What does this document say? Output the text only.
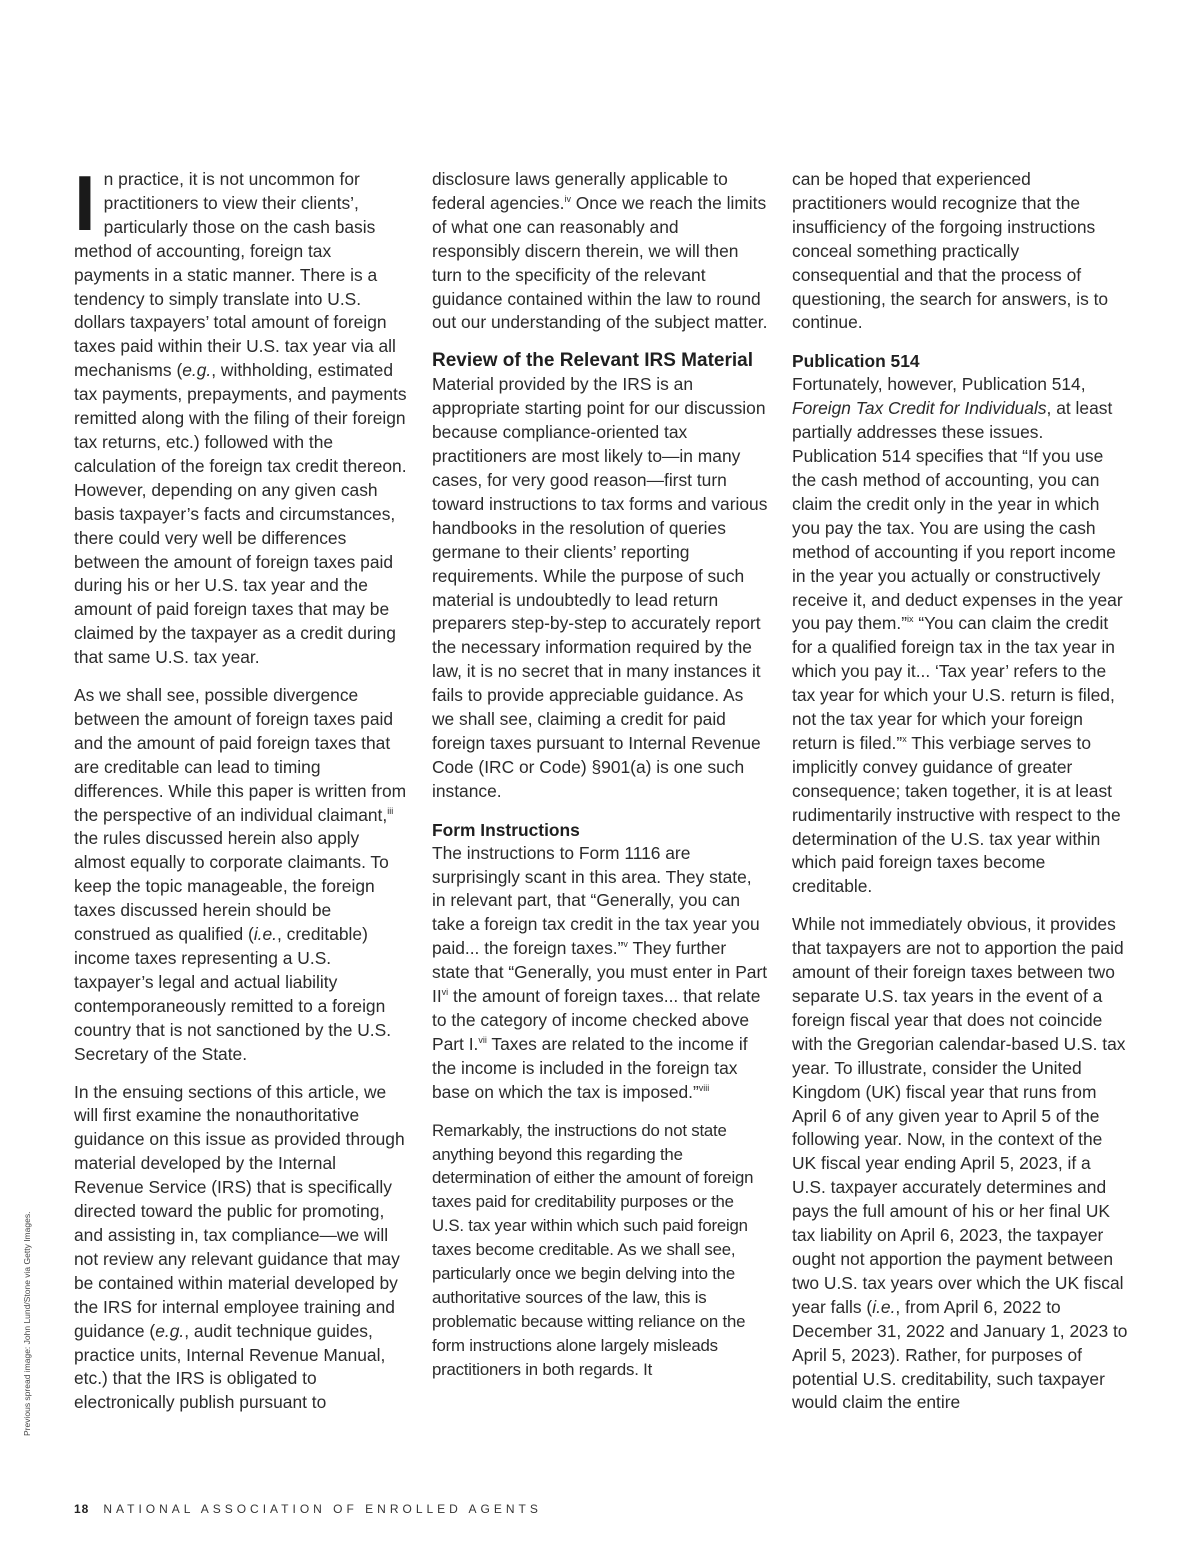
Previous spread image: John Lund/Stone via Getty Images.

In practice, it is not uncommon for practitioners to view their clients’, particularly those on the cash basis method of accounting, foreign tax payments in a static manner. There is a tendency to simply translate into U.S. dollars taxpayers’ total amount of foreign taxes paid within their U.S. tax year via all mechanisms (e.g., withholding, estimated tax payments, prepayments, and payments remitted along with the filing of their foreign tax returns, etc.) followed with the calculation of the foreign tax credit thereon. However, depending on any given cash basis taxpayer’s facts and circumstances, there could very well be differences between the amount of foreign taxes paid during his or her U.S. tax year and the amount of paid foreign taxes that may be claimed by the taxpayer as a credit during that same U.S. tax year.

As we shall see, possible divergence between the amount of foreign taxes paid and the amount of paid foreign taxes that are creditable can lead to timing differences. While this paper is written from the perspective of an individual claimant,$^{iii}$ the rules discussed herein also apply almost equally to corporate claimants. To keep the topic manageable, the foreign taxes discussed herein should be construed as qualified (i.e., creditable) income taxes representing a U.S. taxpayer’s legal and actual liability contemporaneously remitted to a foreign country that is not sanctioned by the U.S. Secretary of the State.

In the ensuing sections of this article, we will first examine the nonauthoritative guidance on this issue as provided through material developed by the Internal Revenue Service (IRS) that is specifically directed toward the public for promoting, and assisting in, tax compliance—we will not review any relevant guidance that may be contained within material developed by the IRS for internal employee training and guidance (e.g., audit technique guides, practice units, Internal Revenue Manual, etc.) that the IRS is obligated to electronically publish pursuant to

disclosure laws generally applicable to federal agencies.$^{iv}$ Once we reach the limits of what one can reasonably and responsibly discern therein, we will then turn to the specificity of the relevant guidance contained within the law to round out our understanding of the subject matter.

Review of the Relevant IRS Material

Material provided by the IRS is an appropriate starting point for our discussion because compliance-oriented tax practitioners are most likely to—in many cases, for very good reason—first turn toward instructions to tax forms and various handbooks in the resolution of queries germane to their clients’ reporting requirements. While the purpose of such material is undoubtedly to lead return preparers step-by-step to accurately report the necessary information required by the law, it is no secret that in many instances it fails to provide appreciable guidance. As we shall see, claiming a credit for paid foreign taxes pursuant to Internal Revenue Code (IRC or Code) §901(a) is one such instance.

Form Instructions

The instructions to Form 1116 are surprisingly scant in this area. They state, in relevant part, that “Generally, you can take a foreign tax credit in the tax year you paid... the foreign taxes.”$^v$ They further state that “Generally, you must enter in Part II$^{vi}$ the amount of foreign taxes... that relate to the category of income checked above Part I.$^{vii}$ Taxes are related to the income if the income is included in the foreign tax base on which the tax is imposed.”$^{viii}$

Remarkably, the instructions do not state anything beyond this regarding the determination of either the amount of foreign taxes paid for creditability purposes or the U.S. tax year within which such paid foreign taxes become creditable. As we shall see, particularly once we begin delving into the authoritative sources of the law, this is problematic because witting reliance on the form instructions alone largely misleads practitioners in both regards. It

can be hoped that experienced practitioners would recognize that the insufficiency of the forgoing instructions conceal something practically consequential and that the process of questioning, the search for answers, is to continue.

Publication 514

Fortunately, however, Publication 514, Foreign Tax Credit for Individuals, at least partially addresses these issues. Publication 514 specifies that “If you use the cash method of accounting, you can claim the credit only in the year in which you pay the tax. You are using the cash method of accounting if you report income in the year you actually or constructively receive it, and deduct expenses in the year you pay them.”$^{ix}$ “You can claim the credit for a qualified foreign tax in the tax year in which you pay it... ‘Tax year’ refers to the tax year for which your U.S. return is filed, not the tax year for which your foreign return is filed.”$^x$ This verbiage serves to implicitly convey guidance of greater consequence; taken together, it is at least rudimentarily instructive with respect to the determination of the U.S. tax year within which paid foreign taxes become creditable.

While not immediately obvious, it provides that taxpayers are not to apportion the paid amount of their foreign taxes between two separate U.S. tax years in the event of a foreign fiscal year that does not coincide with the Gregorian calendar-based U.S. tax year. To illustrate, consider the United Kingdom (UK) fiscal year that runs from April 6 of any given year to April 5 of the following year. Now, in the context of the UK fiscal year ending April 5, 2023, if a U.S. taxpayer accurately determines and pays the full amount of his or her final UK tax liability on April 6, 2023, the taxpayer ought not apportion the payment between two U.S. tax years over which the UK fiscal year falls (i.e., from April 6, 2022 to December 31, 2022 and January 1, 2023 to April 5, 2023). Rather, for purposes of potential U.S. creditability, such taxpayer would claim the entire

18 NATIONAL ASSOCIATION OF ENROLLED AGENTS
